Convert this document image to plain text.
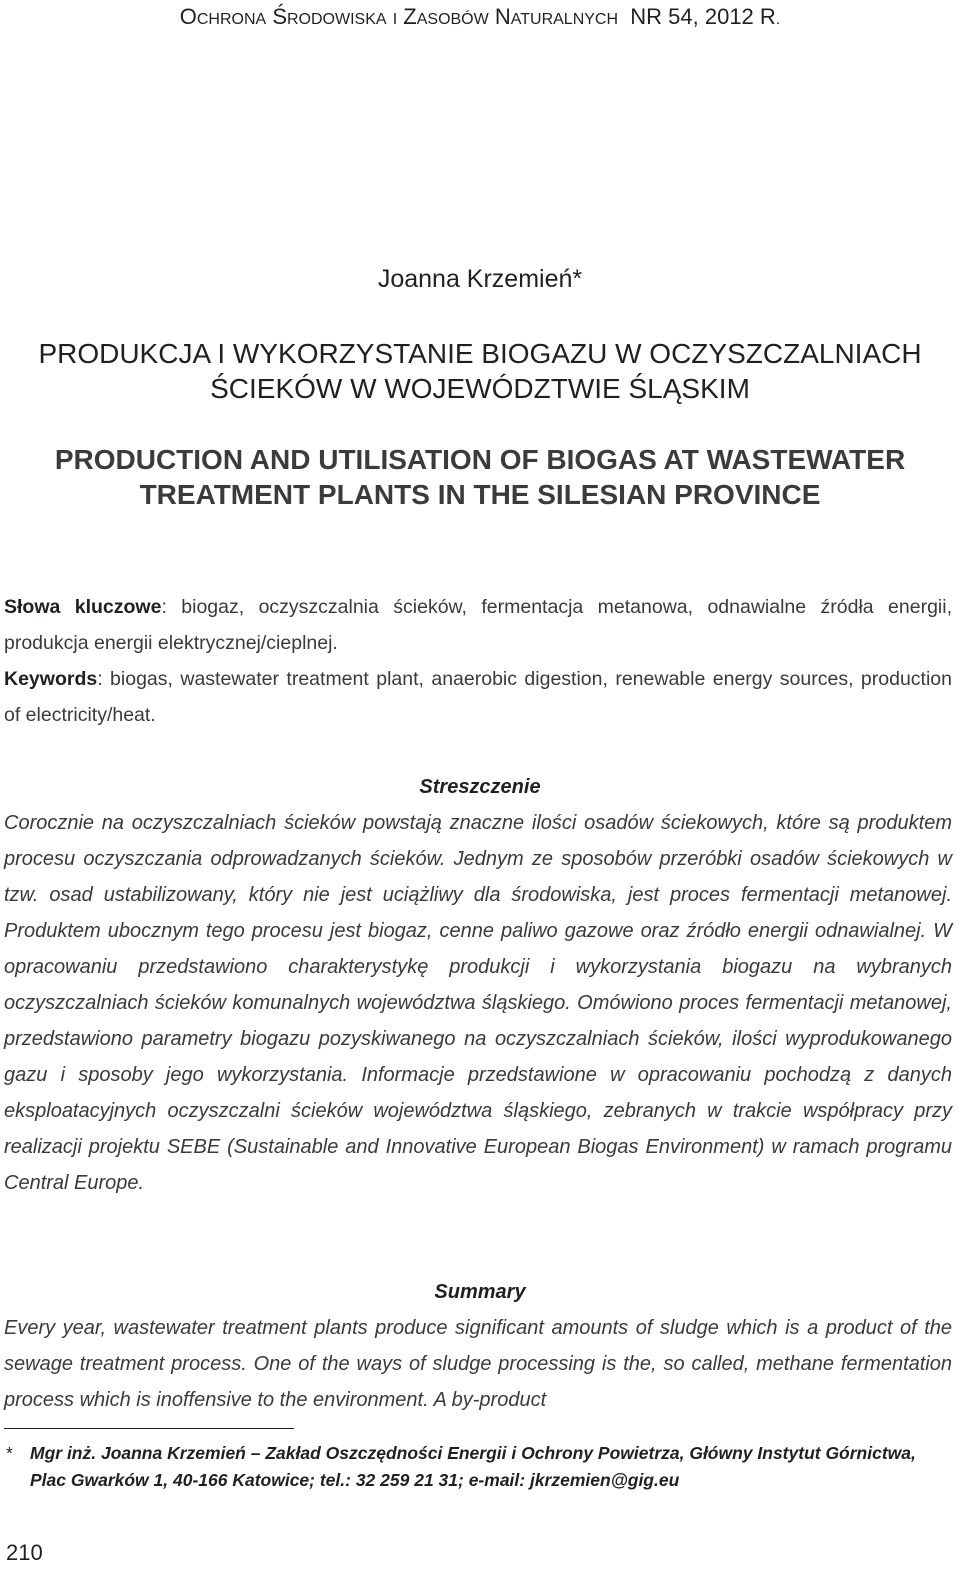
OCHRONA ŚRODOWISKA I ZASOBÓW NATURALNYCH NR 54, 2012 R.
Joanna Krzemień*
PRODUKCJA I WYKORZYSTANIE BIOGAZU W OCZYSZCZALNIACH
ŚCIEKÓW W WOJEWÓDZTWIE ŚLĄSKIM
PRODUCTION AND UTILISATION OF BIOGAS AT WASTEWATER
TREATMENT PLANTS IN THE SILESIAN PROVINCE
Słowa kluczowe: biogaz, oczyszczalnia ścieków, fermentacja metanowa, odnawialne źródła energii, produkcja energii elektrycznej/cieplnej.
Keywords: biogas, wastewater treatment plant, anaerobic digestion, renewable energy sources, production of electricity/heat.
Streszczenie

Corocznie na oczyszczalniach ścieków powstają znaczne ilości osadów ściekowych, które są produktem procesu oczyszczania odprowadzanych ścieków. Jednym ze sposobów przeróbki osadów ściekowych w tzw. osad ustabilizowany, który nie jest uciążliwy dla środowiska, jest proces fermentacji metanowej. Produktem ubocznym tego procesu jest biogaz, cenne paliwo gazowe oraz źródło energii odnawialnej. W opracowaniu przedstawiono charakterystykę produkcji i wykorzystania biogazu na wybranych oczyszczalniach ścieków komunalnych województwa śląskiego. Omówiono proces fermentacji metanowej, przedstawiono parametry biogazu pozyskiwanego na oczyszczalniach ścieków, ilości wyprodukowanego gazu i sposoby jego wykorzystania. Informacje przedstawione w opracowaniu pochodzą z danych eksploatacyjnych oczyszczalni ścieków województwa śląskiego, zebranych w trakcie współpracy przy realizacji projektu SEBE (Sustainable and Innovative European Biogas Environment) w ramach programu Central Europe.

Summary

Every year, wastewater treatment plants produce significant amounts of sludge which is a product of the sewage treatment process. One of the ways of sludge processing is the, so called, methane fermentation process which is inoffensive to the environment. A by-product

* Mgr inż. Joanna Krzemień – Zakład Oszczędności Energii i Ochrony Powietrza, Główny Instytut Górnictwa, Plac Gwarków 1, 40-166 Katowice; tel.: 32 259 21 31; e-mail: jkrzemien@gig.eu
210
